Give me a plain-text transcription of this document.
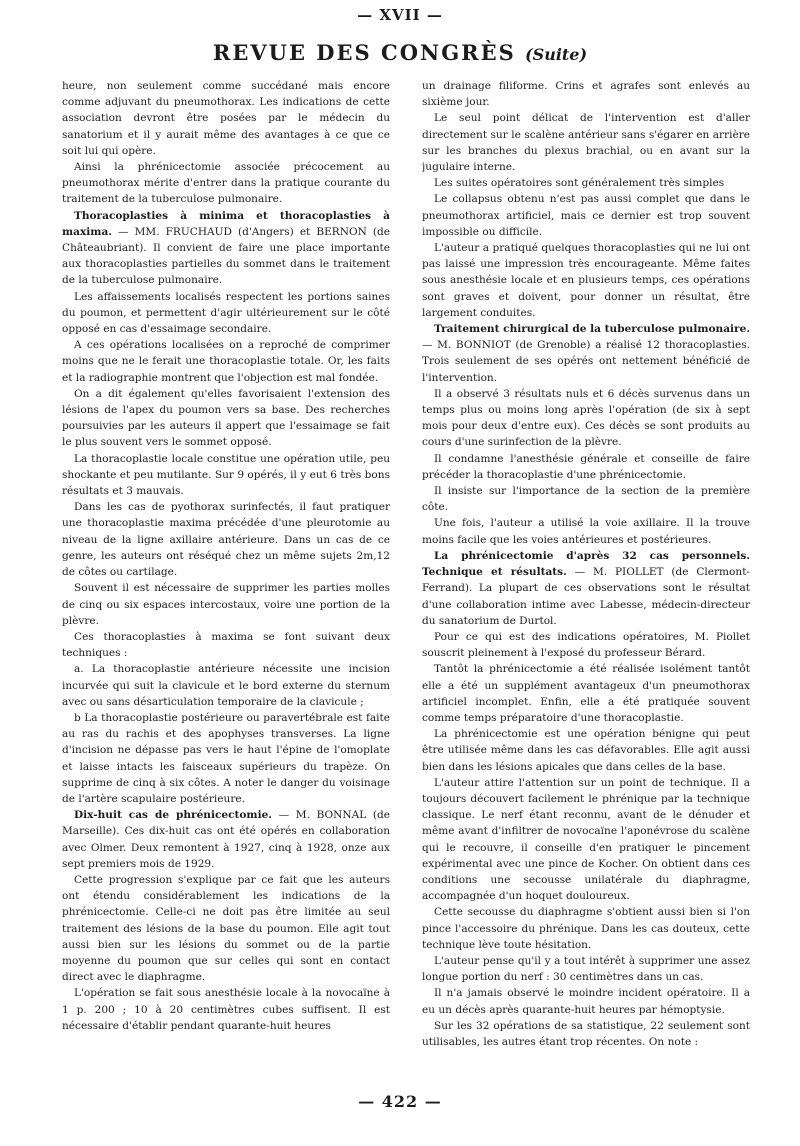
— XVII —
REVUE DES CONGRÈS (Suite)

heure, non seulement comme succédané mais encore comme adjuvant du pneumothorax. Les indications de cette association devront être posées par le médecin du sanatorium et il y aurait même des avantages à ce que ce soit lui qui opère.

Ainsi la phrénicectomie associée précocement au pneumothorax mérite d'entrer dans la pratique courante du traitement de la tuberculose pulmonaire.

Thoracoplasties à minima et thoracoplasties à maxima. — MM. FRUCHAUD (d'Angers) et BERNON (de Châteaubriant). Il convient de faire une place importante aux thoracoplasties partielles du sommet dans le traitement de la tuberculose pulmonaire.

Les affaissements localisés respectent les portions saines du poumon, et permettent d'agir ultérieurement sur le côté opposé en cas d'essaimage secondaire.

A ces opérations localisées on a reproché de comprimer moins que ne le ferait une thoracoplastie totale. Or, les faits et la radiographie montrent que l'objection est mal fondée.

On a dit également qu'elles favorisaient l'extension des lésions de l'apex du poumon vers sa base. Des recherches poursuivies par les auteurs il appert que l'essaimage se fait le plus souvent vers le sommet opposé.

La thoracoplastie locale constitue une opération utile, peu shockante et peu mutilante. Sur 9 opérés, il y eut 6 très bons résultats et 3 mauvais.

Dans les cas de pyothorax surinfectés, il faut pratiquer une thoracoplastie maxima précédée d'une pleurotomie au niveau de la ligne axillaire antérieure. Dans un cas de ce genre, les auteurs ont réséqué chez un même sujets 2m,12 de côtes ou cartilage.

Souvent il est nécessaire de supprimer les parties molles de cinq ou six espaces intercostaux, voire une portion de la plèvre.

Ces thoracoplasties à maxima se font suivant deux techniques :

a. La thoracoplastie antérieure nécessite une incision incurvée qui suit la clavicule et le bord externe du sternum avec ou sans désarticulation temporaire de la clavicule ;

b La thoracoplastie postérieure ou paravertébrale est faite au ras du rachis et des apophyses transverses. La ligne d'incision ne dépasse pas vers le haut l'épine de l'omoplate et laisse intacts les faisceaux supérieurs du trapèze. On supprime de cinq à six côtes. A noter le danger du voisinage de l'artère scapulaire postérieure.

Dix-huit cas de phrénicectomie. — M. BONNAL (de Marseille). Ces dix-huit cas ont été opérés en collaboration avec Olmer. Deux remontent à 1927, cinq à 1928, onze aux sept premiers mois de 1929.

Cette progression s'explique par ce fait que les auteurs ont étendu considérablement les indications de la phrénicectomie. Celle-ci ne doit pas être limitée au seul traitement des lésions de la base du poumon. Elle agit tout aussi bien sur les lésions du sommet ou de la partie moyenne du poumon que sur celles qui sont en contact direct avec le diaphragme.

L'opération se fait sous anesthésie locale à la novocaïne à 1 p. 200 ; 10 à 20 centimètres cubes suffisent. Il est nécessaire d'établir pendant quarante-huit heures

un drainage filiforme. Crins et agrafes sont enlevés au sixième jour.

Le seul point délicat de l'intervention est d'aller directement sur le scalène antérieur sans s'égarer en arrière sur les branches du plexus brachial, ou en avant sur la jugulaire interne.

Les suites opératoires sont généralement très simples

Le collapsus obtenu n'est pas aussi complet que dans le pneumothorax artificiel, mais ce dernier est trop souvent impossible ou difficile.

L'auteur a pratiqué quelques thoracoplasties qui ne lui ont pas laissé une impression très encourageante. Même faites sous anesthésie locale et en plusieurs temps, ces opérations sont graves et doivent, pour donner un résultat, être largement conduites.

Traitement chirurgical de la tuberculose pulmonaire. — M. BONNIOT (de Grenoble) a réalisé 12 thoracoplasties. Trois seulement de ses opérés ont nettement bénéficié de l'intervention.

Il a observé 3 résultats nuls et 6 décès survenus dans un temps plus ou moins long après l'opération (de six à sept mois pour deux d'entre eux). Ces décès se sont produits au cours d'une surinfection de la plèvre.

Il condamne l'anesthésie générale et conseille de faire précéder la thoracoplastie d'une phrénicectomie.

Il insiste sur l'importance de la section de la première côte.

Une fois, l'auteur a utilisé la voie axillaire. Il la trouve moins facile que les voies antérieures et postérieures.

La phrénicectomie d'après 32 cas personnels. Technique et résultats. — M. PIOLLET (de Clermont-Ferrand). La plupart de ces observations sont le résultat d'une collaboration intime avec Labesse, médecin-directeur du sanatorium de Durtol.

Pour ce qui est des indications opératoires, M. Piollet souscrit pleinement à l'exposé du professeur Bérard.

Tantôt la phrénicectomie a été réalisée isolément tantôt elle a été un supplément avantageux d'un pneumothorax artificiel incomplet. Enfin, elle a été pratiquée souvent comme temps préparatoire d'une thoracoplastie.

La phrénicectomie est une opération bénigne qui peut être utilisée même dans les cas défavorables. Elle agit aussi bien dans les lésions apicales que dans celles de la base.

L'auteur attire l'attention sur un point de technique. Il a toujours découvert facilement le phrénique par la technique classique. Le nerf étant reconnu, avant de le dénuder et même avant d'infiltrer de novocaïne l'aponévrose du scalène qui le recouvre, il conseille d'en pratiquer le pincement expérimental avec une pince de Kocher. On obtient dans ces conditions une secousse unilatérale du diaphragme, accompagnée d'un hoquet douloureux.

Cette secousse du diaphragme s'obtient aussi bien si l'on pince l'accessoire du phrénique. Dans les cas douteux, cette technique lève toute hésitation.

L'auteur pense qu'il y a tout intérêt à supprimer une assez longue portion du nerf : 30 centimètres dans un cas.

Il n'a jamais observé le moindre incident opératoire. Il a eu un décès après quarante-huit heures par hémoptysie.

Sur les 32 opérations de sa statistique, 22 seulement sont utilisables, les autres étant trop récentes. On note :

— 422 —
